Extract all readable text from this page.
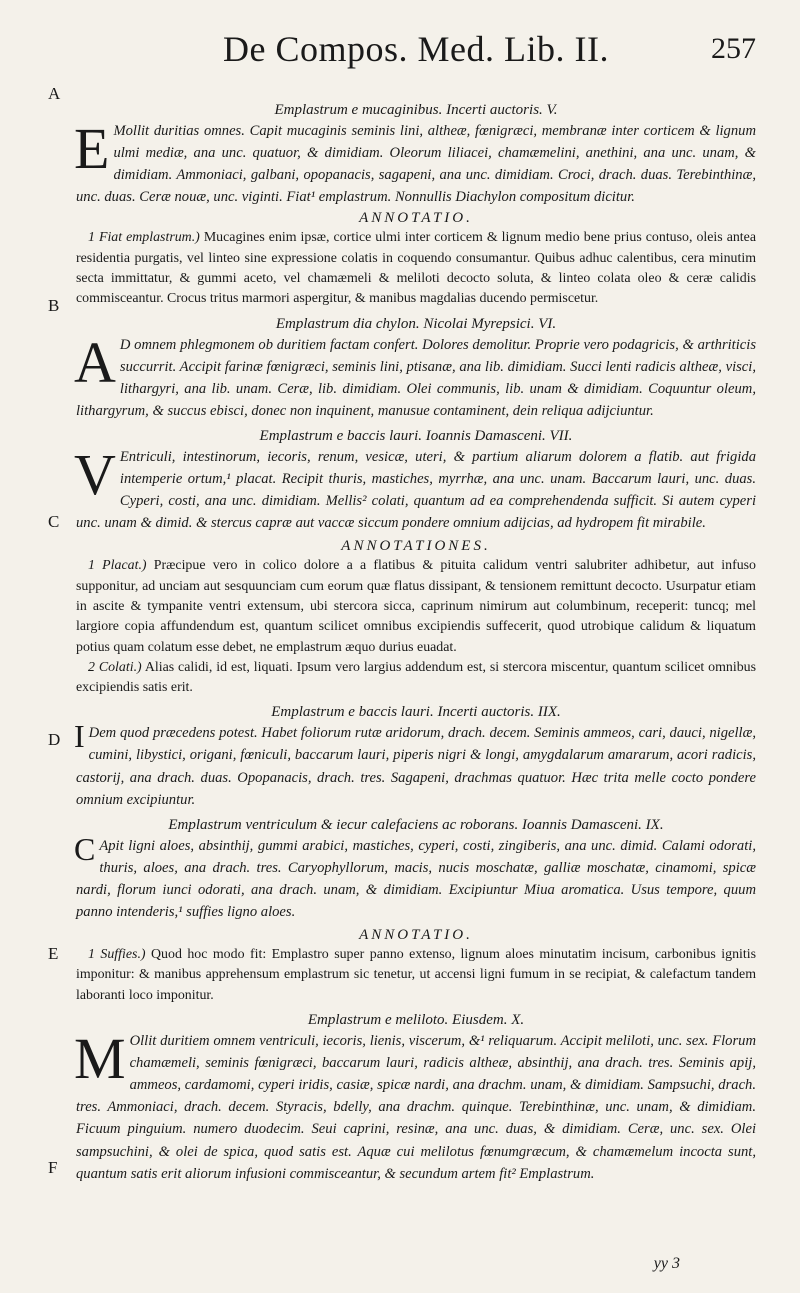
De Compos. Med. Lib. II.	257
A
B
C
D
E
F

Emplastrum e mucaginibus. Incerti auctoris. V.

E Mollit duritias omnes. Capit mucaginis seminis lini, altheæ, fœnigræci, membranæ inter corticem & lignum ulmi mediæ, ana unc. quatuor, & dimidiam. Oleorum liliacei, chamæmelini, anethini, ana unc. unam, & dimidiam. Ammoniaci, galbani, opopanacis, sagapeni, ana unc. dimidiam. Croci, drach. duas. Terebinthinæ, unc. duas. Ceræ nouæ, unc. viginti. Fiat¹ emplastrum. Nonnullis Diachylon compositum dicitur.

ANNOTATIO.

1 Fiat emplastrum.) Mucagines enim ipsæ, cortice ulmi inter corticem & lignum medio bene prius contuso, oleis antea residentia purgatis, vel linteo sine expressione colatis in coquendo consumantur. Quibus adhuc calentibus, cera minutim secta immittatur, & gummi aceto, vel chamæmeli & meliloti decocto soluta, & linteo colata oleo & ceræ calidis commisceantur. Crocus tritus marmori aspergitur, & manibus magdalias ducendo permiscetur.

Emplastrum dia chylon. Nicolai Myrepsici. VI.

A D omnem phlegmonem ob duritiem factam confert. Dolores demolitur. Proprie vero podagricis, & arthriticis succurrit. Accipit farinæ fœnigræci, seminis lini, ptisanæ, ana lib. dimidiam. Succi lenti radicis altheæ, visci, lithargyri, ana lib. unam. Ceræ, lib. dimidiam. Olei communis, lib. unam & dimidiam. Coquuntur oleum, lithargyrum, & succus ebisci, donec non inquinent, manusue contaminent, dein reliqua adijciuntur.

Emplastrum e baccis lauri. Ioannis Damasceni. VII.

V Entriculi, intestinorum, iecoris, renum, vesicæ, uteri, & partium aliarum dolorem a flatib. aut frigida intemperie ortum,¹ placat. Recipit thuris, mastiches, myrrhæ, ana unc. unam. Baccarum lauri, unc. duas. Cyperi, costi, ana unc. dimidiam. Mellis² colati, quantum ad ea comprehendenda sufficit. Si autem cyperi unc. unam & dimid. & stercus capræ aut vaccæ siccum pondere omnium adijcias, ad hydropem fit mirabile.

ANNOTATIONES.

1 Placat.) Præcipue vero in colico dolore a a flatibus & pituita calidum ventri salubriter adhibetur, aut infuso supponitur, ad unciam aut sesquunciam cum eorum quæ flatus dissipant, & tensionem remittunt decocto. Usurpatur etiam in ascite & tympanite ventri extensum, ubi stercora sicca, caprinum nimirum aut columbinum, receperit: tuncq; mel largiore copia affundendum est, quantum scilicet omnibus excipiendis suffecerit, quod utrobique calidum & liquatum potius quam colatum esse debet, ne emplastrum æquo durius euadat.

2 Colati.) Alias calidi, id est, liquati. Ipsum vero largius addendum est, si stercora miscentur, quantum scilicet omnibus excipiendis satis erit.

Emplastrum e baccis lauri. Incerti auctoris. IIX.

I Dem quod præcedens potest. Habet foliorum rutæ aridorum, drach. decem. Seminis ammeos, cari, dauci, nigellæ, cumini, libystici, origani, fœniculi, baccarum lauri, piperis nigri & longi, amygdalarum amararum, acori radicis, castorij, ana drach. duas. Opopanacis, drach. tres. Sagapeni, drachmas quatuor. Hæc trita melle cocto pondere omnium excipiuntur.

Emplastrum ventriculum & iecur calefaciens ac roborans. Ioannis Damasceni. IX.

C Apit ligni aloes, absinthij, gummi arabici, mastiches, cyperi, costi, zingiberis, ana unc. dimid. Calami odorati, thuris, aloes, ana drach. tres. Caryophyllorum, macis, nucis moschatæ, galliæ moschatæ, cinamomi, spicæ nardi, florum iunci odorati, ana drach. unam, & dimidiam. Excipiuntur Miua aromatica. Usus tempore, quum panno intenderis,¹ suffies ligno aloes.

ANNOTATIO.

1 Suffies.) Quod hoc modo fit: Emplastro super panno extenso, lignum aloes minutatim incisum, carbonibus ignitis imponitur: & manibus apprehensum emplastrum sic tenetur, ut accensi ligni fumum in se recipiat, & calefactum tandem laboranti loco imponitur.

Emplastrum e meliloto. Eiusdem. X.

M Ollit duritiem omnem ventriculi, iecoris, lienis, viscerum, &¹ reliquarum. Accipit meliloti, unc. sex. Florum chamæmeli, seminis fœnigræci, baccarum lauri, radicis altheæ, absinthij, ana drach. tres. Seminis apij, ammeos, cardamomi, cyperi iridis, casiæ, spicæ nardi, ana drachm. unam, & dimidiam. Sampsuchi, drach. tres. Ammoniaci, drach. decem. Styracis, bdelly, ana drachm. quinque. Terebinthinæ, unc. unam, & dimidiam. Ficuum pinguium. numero duodecim. Seui caprini, resinæ, ana unc. duas, & dimidiam. Ceræ, unc. sex. Olei sampsuchini, & olei de spica, quod satis est. Aquæ cui melilotus fœnumgræcum, & chamæmelum incocta sunt, quantum satis erit aliorum infusioni commisceantur, & secundum artem fit² Emplastrum.

yy 3
